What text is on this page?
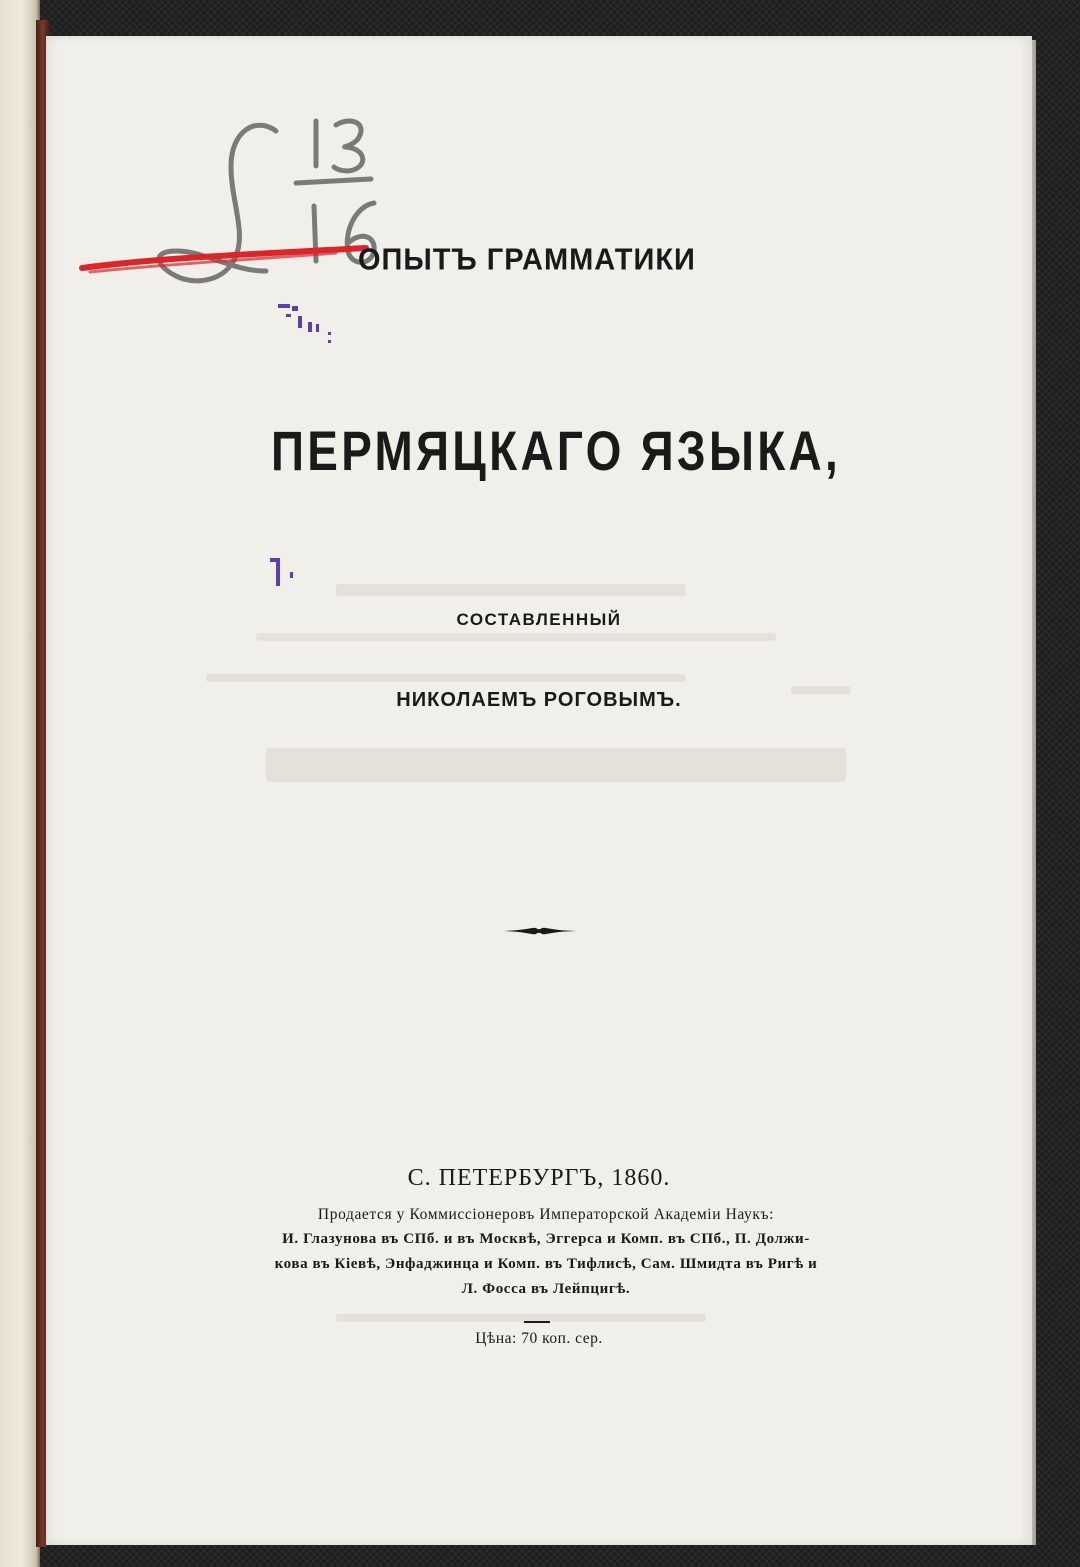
ОПЫТЪ ГРАММАТИКИ
ПЕРМЯЦКАГО ЯЗЫКА,
СОСТАВЛЕННЫЙ
НИКОЛАЕМЪ РОГОВЫМЪ.
С. ПЕТЕРБУРГЪ, 1860.
Продается у Коммиссіонеровъ Императорской Академіи Наукъ:
И. Глазунова въ СПб. и въ Москвѣ, Эггерса и Комп. въ СПб., П. Должи-
кова въ Кіевѣ, Энфаджинца и Комп. въ Тифлисѣ, Сам. Шмидта въ Ригѣ и
Л. Фосса въ Лейпцигѣ.
Цѣна: 70 коп. сер.
